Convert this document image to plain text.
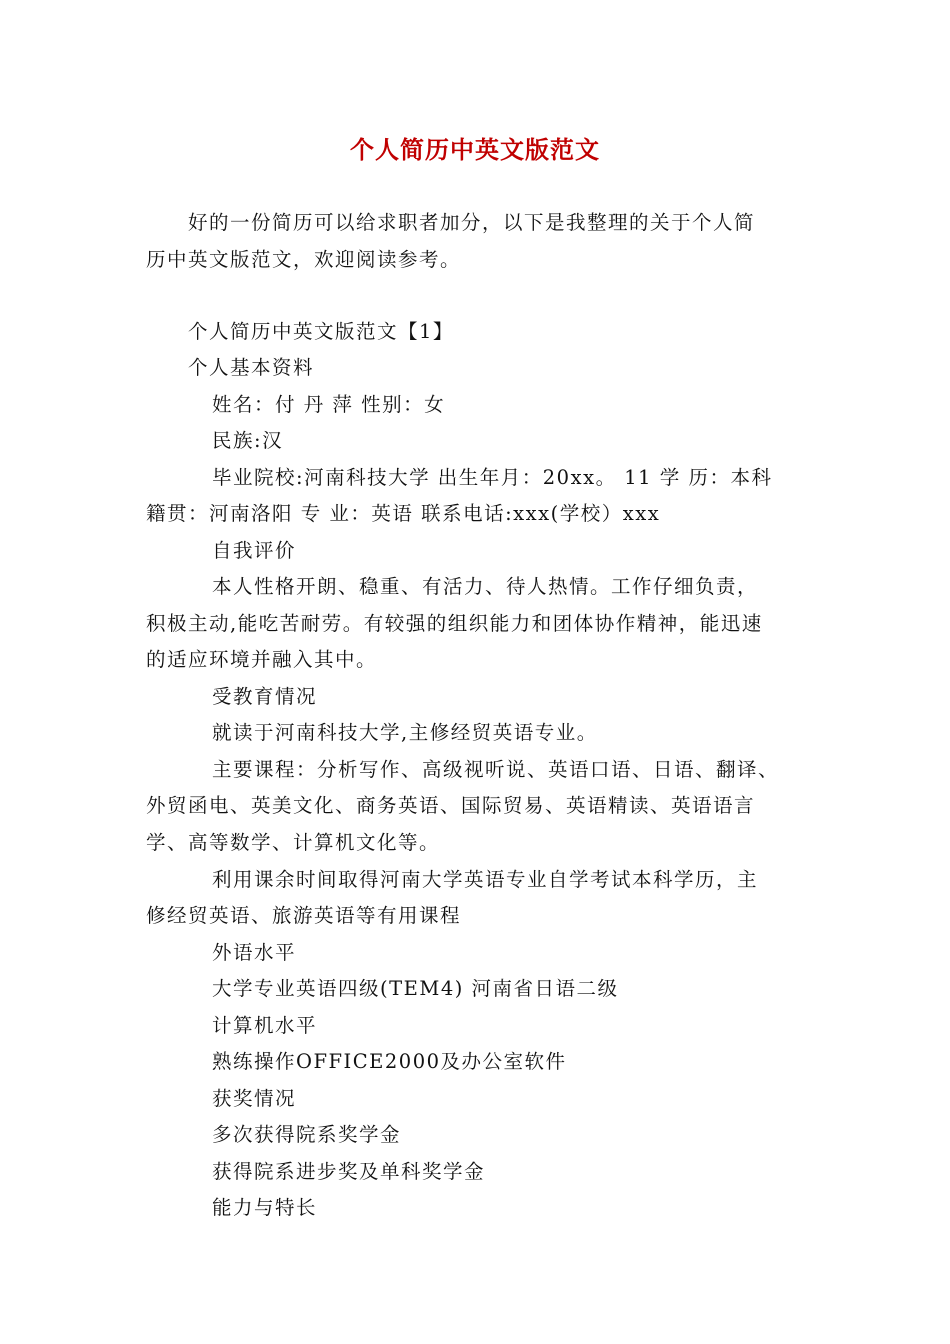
个人简历中英文版范文
好的一份简历可以给求职者加分，以下是我整理的关于个人简
历中英文版范文，欢迎阅读参考。
个人简历中英文版范文【1】
个人基本资料
姓名：付 丹 萍 性别：女
民族:汉
毕业院校:河南科技大学 出生年月：20xx。 11 学 历：本科
籍贯：河南洛阳 专 业：英语 联系电话:xxx(学校）xxx
自我评价
本人性格开朗、稳重、有活力、待人热情。工作仔细负责，
积极主动,能吃苦耐劳。有较强的组织能力和团体协作精神，能迅速
的适应环境并融入其中。
受教育情况
就读于河南科技大学,主修经贸英语专业。
主要课程：分析写作、高级视听说、英语口语、日语、翻译、
外贸函电、英美文化、商务英语、国际贸易、英语精读、英语语言
学、高等数学、计算机文化等。
利用课余时间取得河南大学英语专业自学考试本科学历，主
修经贸英语、旅游英语等有用课程
外语水平
大学专业英语四级(TEM4) 河南省日语二级
计算机水平
熟练操作OFFICE2000及办公室软件
获奖情况
多次获得院系奖学金
获得院系进步奖及单科奖学金
能力与特长
